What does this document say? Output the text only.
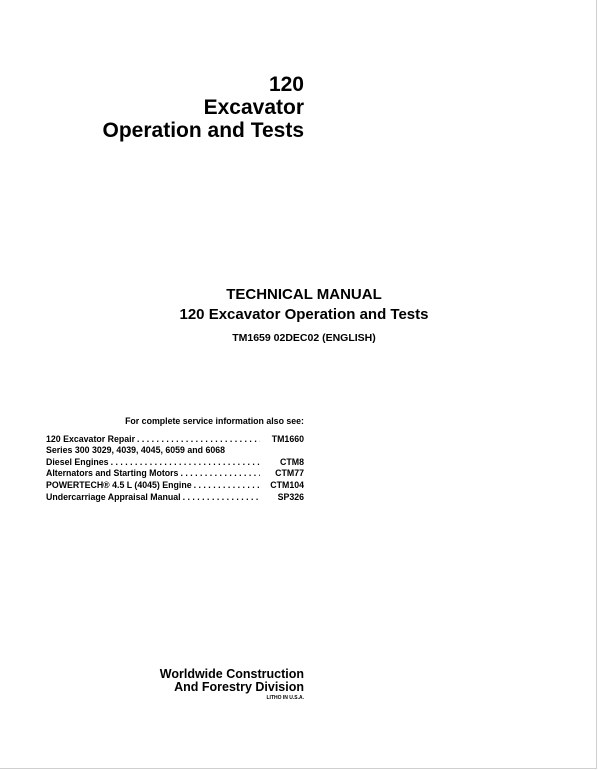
120
Excavator
Operation and Tests
TECHNICAL MANUAL
120 Excavator Operation and Tests
TM1659 02DEC02 (ENGLISH)
For complete service information also see:
120 Excavator Repair . . .	TM1660
Series 300 3029, 4039, 4045, 6059 and 6068
Diesel Engines . . .	CTM8
Alternators and Starting Motors . . .	CTM77
POWERTECH® 4.5 L (4045) Engine . . .	CTM104
Undercarriage Appraisal Manual . . .	SP326
Worldwide Construction
And Forestry Division
LITHO IN U.S.A.
